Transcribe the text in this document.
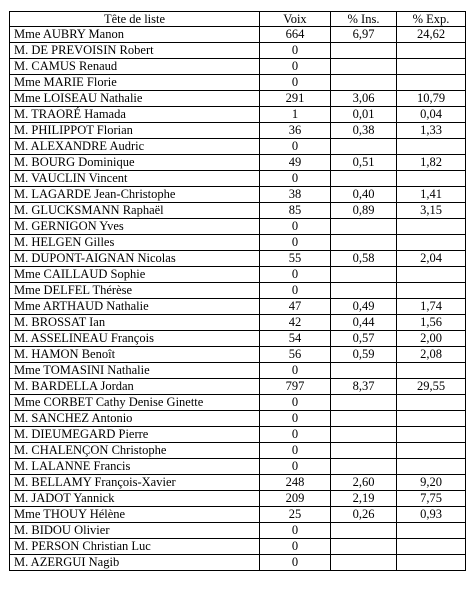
Tête de liste	Voix	% Ins.	% Exp.
Mme AUBRY Manon	664	6,97	24,62
M. DE PREVOISIN Robert	0		
M. CAMUS Renaud	0		
Mme MARIE Florie	0		
Mme LOISEAU Nathalie	291	3,06	10,79
M. TRAORÉ Hamada	1	0,01	0,04
M. PHILIPPOT Florian	36	0,38	1,33
M. ALEXANDRE Audric	0		
M. BOURG Dominique	49	0,51	1,82
M. VAUCLIN Vincent	0		
M. LAGARDE Jean-Christophe	38	0,40	1,41
M. GLUCKSMANN Raphaël	85	0,89	3,15
M. GERNIGON Yves	0		
M. HELGEN Gilles	0		
M. DUPONT-AIGNAN Nicolas	55	0,58	2,04
Mme CAILLAUD Sophie	0		
Mme DELFEL Thérèse	0		
Mme ARTHAUD Nathalie	47	0,49	1,74
M. BROSSAT Ian	42	0,44	1,56
M. ASSELINEAU François	54	0,57	2,00
M. HAMON Benoît	56	0,59	2,08
Mme TOMASINI Nathalie	0		
M. BARDELLA Jordan	797	8,37	29,55
Mme CORBET Cathy Denise Ginette	0		
M. SANCHEZ Antonio	0		
M. DIEUMEGARD Pierre	0		
M. CHALENÇON Christophe	0		
M. LALANNE Francis	0		
M. BELLAMY François-Xavier	248	2,60	9,20
M. JADOT Yannick	209	2,19	7,75
Mme THOUY Hélène	25	0,26	0,93
M. BIDOU Olivier	0		
M. PERSON Christian Luc	0		
M. AZERGUI Nagib	0		
